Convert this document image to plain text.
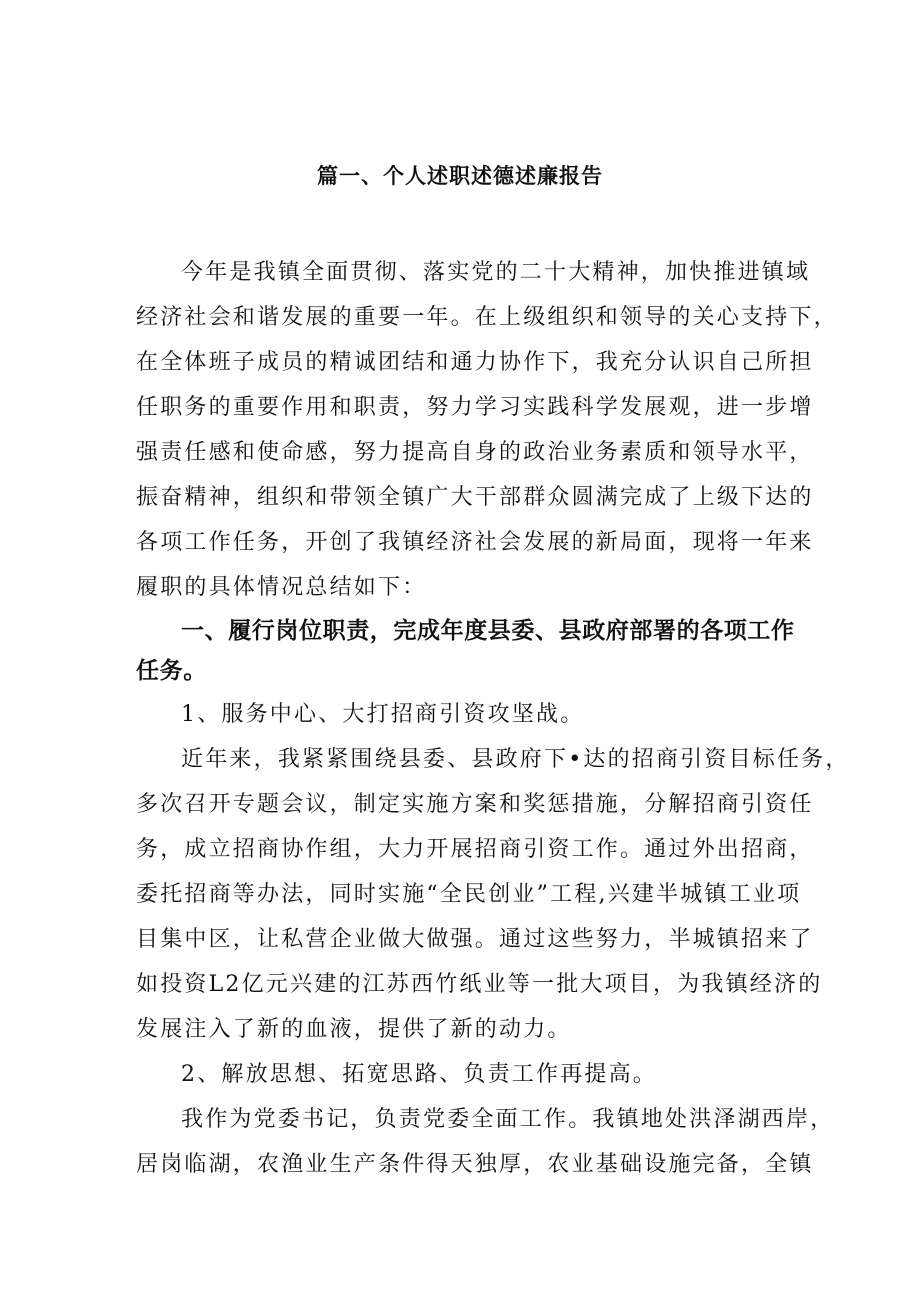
篇一、个人述职述德述廉报告
今年是我镇全面贯彻、落实党的二十大精神，加快推进镇域
经济社会和谐发展的重要一年。在上级组织和领导的关心支持下，
在全体班子成员的精诚团结和通力协作下，我充分认识自己所担
任职务的重要作用和职责，努力学习实践科学发展观，进一步增
强责任感和使命感，努力提高自身的政治业务素质和领导水平，
振奋精神，组织和带领全镇广大干部群众圆满完成了上级下达的
各项工作任务，开创了我镇经济社会发展的新局面，现将一年来
履职的具体情况总结如下：
一、履行岗位职责，完成年度县委、县政府部署的各项工作
任务。
1、服务中心、大打招商引资攻坚战。
近年来，我紧紧围绕县委、县政府下•达的招商引资目标任务，
多次召开专题会议，制定实施方案和奖惩措施，分解招商引资任
务，成立招商协作组，大力开展招商引资工作。通过外出招商，
委托招商等办法，同时实施“全民创业”工程,兴建半城镇工业项
目集中区，让私营企业做大做强。通过这些努力，半城镇招来了
如投资L2亿元兴建的江苏西竹纸业等一批大项目，为我镇经济的
发展注入了新的血液，提供了新的动力。
2、解放思想、拓宽思路、负责工作再提高。
我作为党委书记，负责党委全面工作。我镇地处洪泽湖西岸，
居岗临湖，农渔业生产条件得天独厚，农业基础设施完备，全镇
